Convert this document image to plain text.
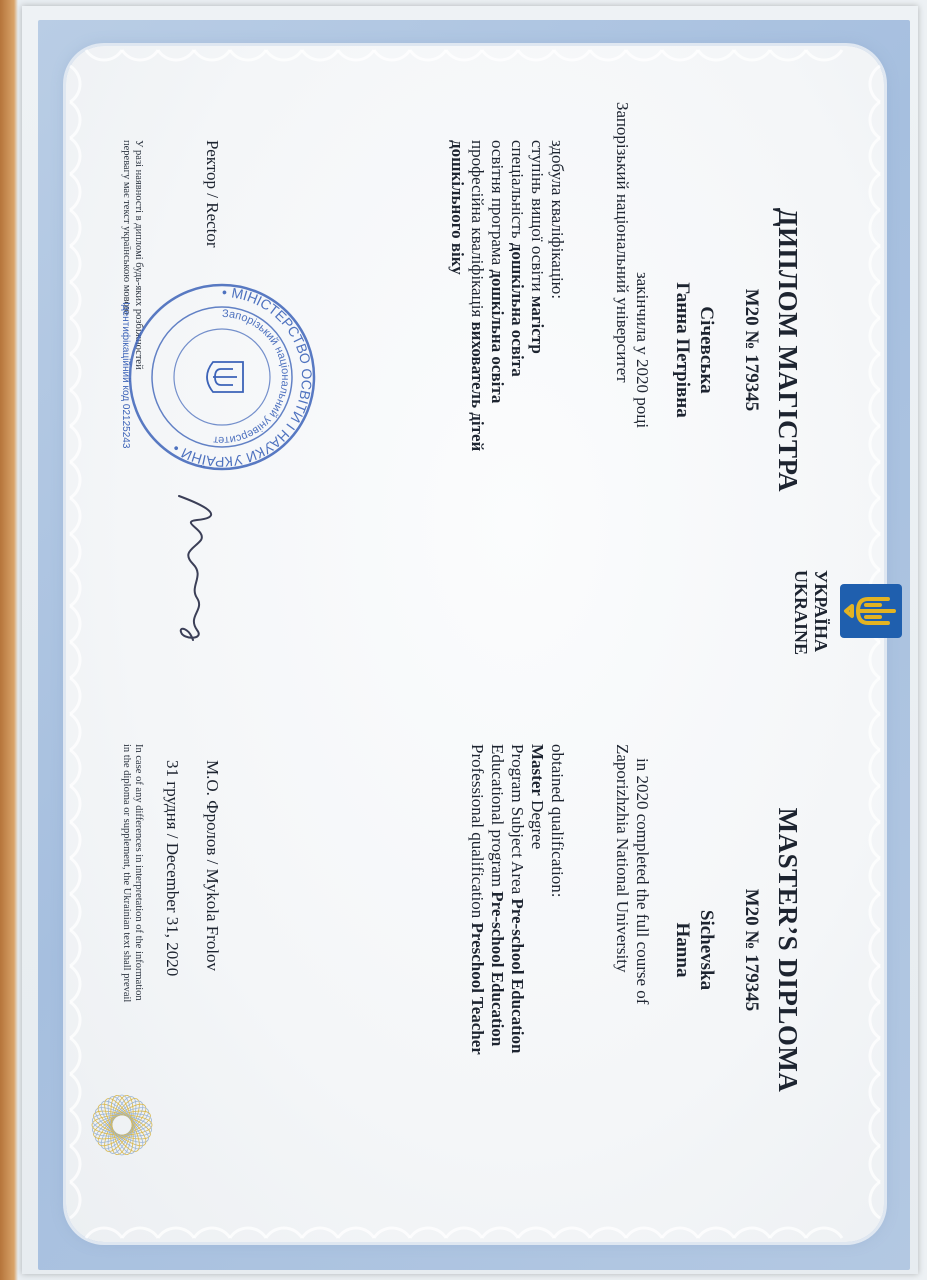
УКРАЇНА
UKRAINE
ДИПЛОМ МАГІСТРА
M20 № 179345
Січевська
Ганна Петрівна
закінчила у 2020 році
Запорізький національний університет
здобула кваліфікацію:
ступінь вищої освіти магістр
спеціальність дошкільна освіта
освітня програма дошкільна освіта
професійна кваліфікація вихователь дітей
дошкільного віку
Ректор / Rector
У разі наявності в дипломі будь-яких розбіжностей
перевагу має текст українською мовою	• МІНІСТЕРСТВО ОСВІТИ І НАУКИ УКРАЇНИ •
Запорізький національний університет
Ідентифікаційний код 02125243
MASTER’S DIPLOMA
M20 № 179345
Sichevska
Hanna
in 2020 completed the full course of
Zaporizhzhia National University
obtained qualification:
Master Degree
Program Subject Area Pre-school Education
Educational program Pre-school Education
Professional qualification Preschool Teacher
М.О. Фролов / Mykola Frolov
31 грудня / December 31, 2020
In case of any differences in interpretation of the information
in the diploma or supplement, the Ukrainian text shall prevail
